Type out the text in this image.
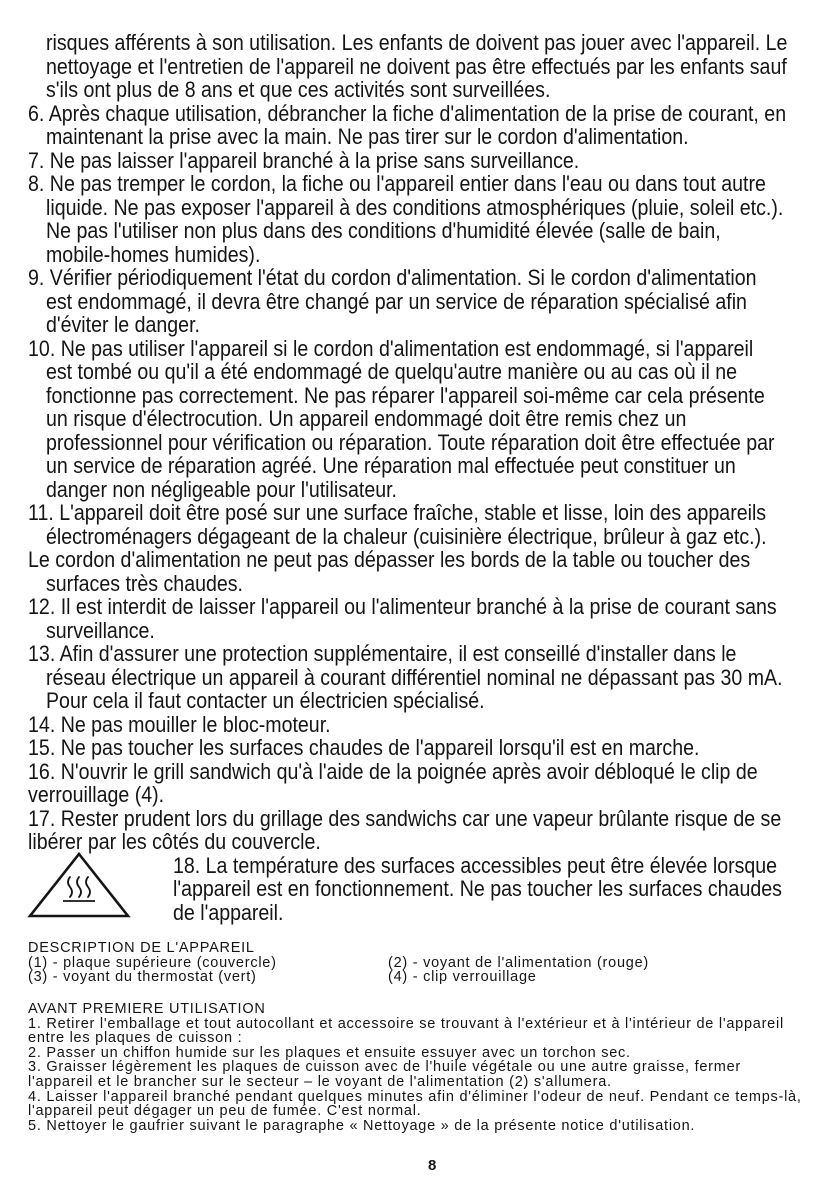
risques afférents à son utilisation. Les enfants de doivent pas jouer avec l'appareil. Le
nettoyage et l'entretien de l'appareil ne doivent pas être effectués par les enfants sauf
s'ils ont plus de 8 ans et que ces activités sont surveillées.
6. Après chaque utilisation, débrancher la fiche d'alimentation de la prise de courant, en
maintenant la prise avec la main. Ne pas tirer sur le cordon d'alimentation.
7. Ne pas laisser l'appareil branché à la prise sans surveillance.
8. Ne pas tremper le cordon, la fiche ou l'appareil entier dans l'eau ou dans tout autre
liquide. Ne pas exposer l'appareil à des conditions atmosphériques (pluie, soleil etc.).
Ne pas l'utiliser non plus dans des conditions d'humidité élevée (salle de bain,
mobile-homes humides).
9. Vérifier périodiquement l'état du cordon d'alimentation. Si le cordon d'alimentation
est endommagé, il devra être changé par un service de réparation spécialisé afin
d'éviter le danger.
10. Ne pas utiliser l'appareil si le cordon d'alimentation est endommagé, si l'appareil
est tombé ou qu'il a été endommagé de quelqu'autre manière ou au cas où il ne
fonctionne pas correctement. Ne pas réparer l'appareil soi-même car cela présente
un risque d'électrocution. Un appareil endommagé doit être remis chez un
professionnel pour vérification ou réparation. Toute réparation doit être effectuée par
un service de réparation agréé. Une réparation mal effectuée peut constituer un
danger non négligeable pour l'utilisateur.
11. L'appareil doit être posé sur une surface fraîche, stable et lisse, loin des appareils
électroménagers dégageant de la chaleur (cuisinière électrique, brûleur à gaz etc.).
Le cordon d'alimentation ne peut pas dépasser les bords de la table ou toucher des
surfaces très chaudes.
12. Il est interdit de laisser l'appareil ou l'alimenteur branché à la prise de courant sans
surveillance.
13. Afin d'assurer une protection supplémentaire, il est conseillé d'installer dans le
réseau électrique un appareil à courant différentiel nominal ne dépassant pas 30 mA.
Pour cela il faut contacter un électricien spécialisé.
14. Ne pas mouiller le bloc-moteur.
15. Ne pas toucher les surfaces chaudes de l'appareil lorsqu'il est en marche.
16. N'ouvrir le grill sandwich qu'à l'aide de la poignée après avoir débloqué le clip de
verrouillage (4).
17. Rester prudent lors du grillage des sandwichs car une vapeur brûlante risque de se
libérer par les côtés du couvercle.
18. La température des surfaces accessibles peut être élevée lorsque
l'appareil est en fonctionnement. Ne pas toucher les surfaces chaudes
de l'appareil.
DESCRIPTION DE L'APPAREIL
(1) - plaque supérieure (couvercle)	(2) - voyant de l'alimentation (rouge)
(3) - voyant du thermostat (vert)	(4) - clip verrouillage
AVANT PREMIERE UTILISATION
1. Retirer l'emballage et tout autocollant et accessoire se trouvant à l'extérieur et à l'intérieur de l'appareil
entre les plaques de cuisson :
2. Passer un chiffon humide sur les plaques et ensuite essuyer avec un torchon sec.
3. Graisser légèrement les plaques de cuisson avec de l'huile végétale ou une autre graisse, fermer
l'appareil et le brancher sur le secteur – le voyant de l'alimentation (2) s'allumera.
4. Laisser l'appareil branché pendant quelques minutes afin d'éliminer l'odeur de neuf. Pendant ce temps-là,
l'appareil peut dégager un peu de fumée. C'est normal.
5. Nettoyer le gaufrier suivant le paragraphe « Nettoyage » de la présente notice d'utilisation.
8
